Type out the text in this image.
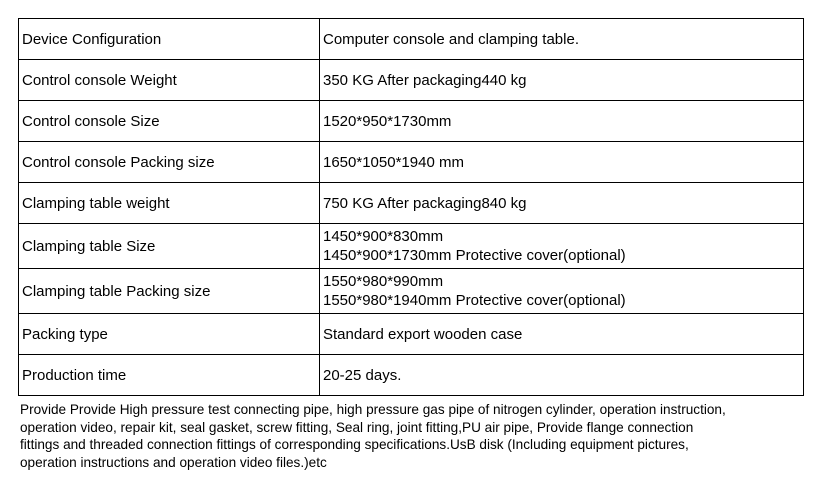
Device Configuration	Computer console and clamping table.

Control console Weight	350 KG After packaging440 kg

Control console Size	1520*950*1730mm

Control console Packing size	1650*1050*1940 mm

Clamping table weight	750 KG After packaging840 kg

Clamping table Size	1450*900*830mm
1450*900*1730mm Protective cover(optional)

Clamping table Packing size	1550*980*990mm
1550*980*1940mm Protective cover(optional)

Packing type	Standard export wooden case

Production time	20-25 days.
Provide Provide High pressure test connecting pipe, high pressure gas pipe of nitrogen cylinder, operation instruction,
operation video, repair kit, seal gasket, screw fitting, Seal ring, joint fitting,PU air pipe, Provide flange connection
fittings and threaded connection fittings of corresponding specifications.UsB disk (Including equipment pictures,
operation instructions and operation video files.)etc
